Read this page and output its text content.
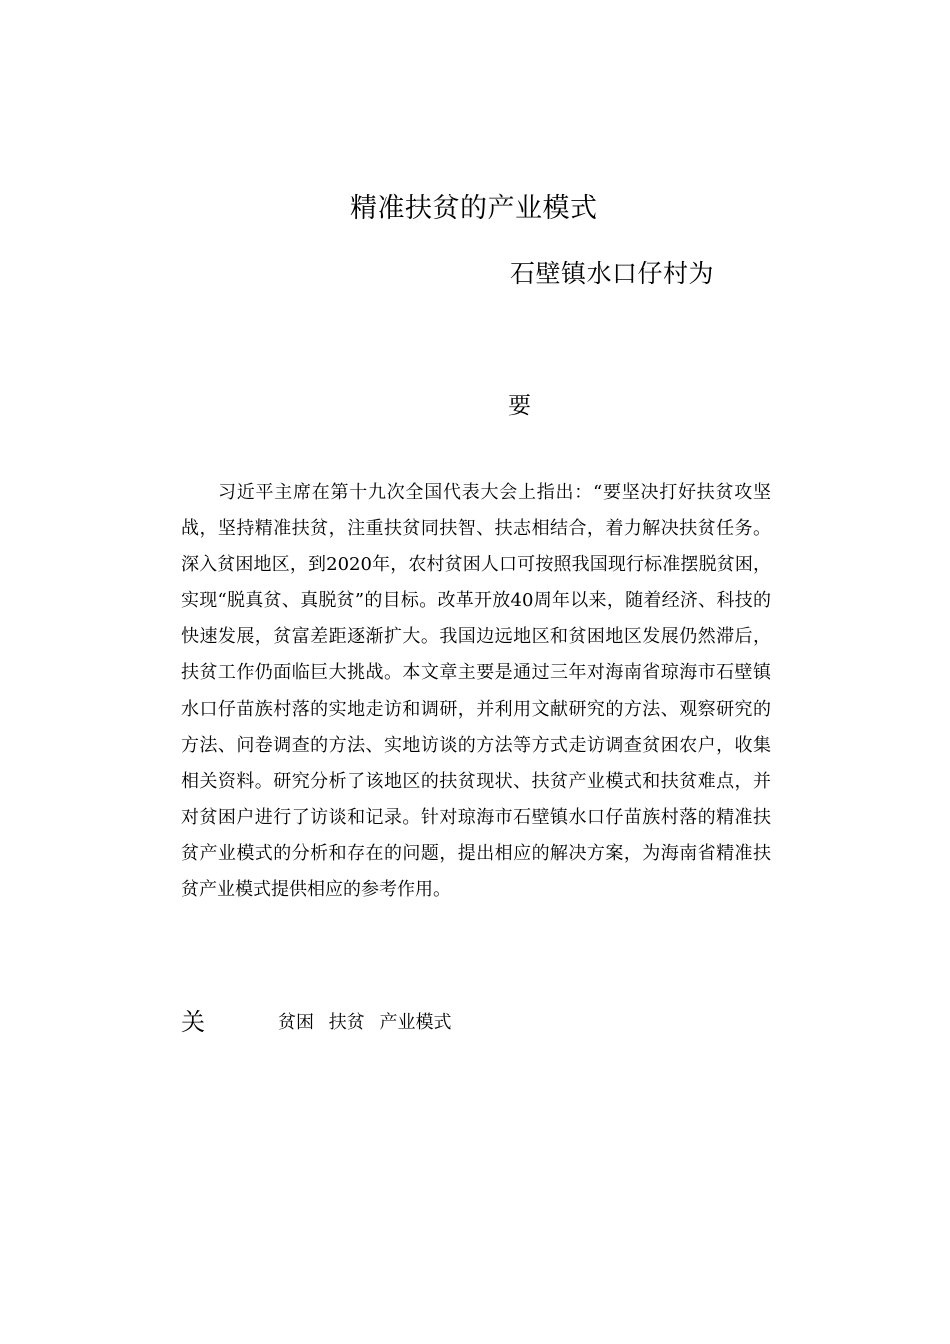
精准扶贫的产业模式
石壁镇水口仔村为
要

习近平主席在第十九次全国代表大会上指出：“要坚决打好扶贫攻坚战，坚持精准扶贫，注重扶贫同扶智、扶志相结合，着力解决扶贫任务。深入贫困地区，到2020年，农村贫困人口可按照我国现行标准摆脱贫困，实现“脱真贫、真脱贫”的目标。改革开放40周年以来，随着经济、科技的快速发展，贫富差距逐渐扩大。我国边远地区和贫困地区发展仍然滞后，扶贫工作仍面临巨大挑战。本文章主要是通过三年对海南省琼海市石壁镇水口仔苗族村落的实地走访和调研，并利用文献研究的方法、观察研究的方法、问卷调查的方法、实地访谈的方法等方式走访调查贫困农户，收集相关资料。研究分析了该地区的扶贫现状、扶贫产业模式和扶贫难点，并对贫困户进行了访谈和记录。针对琼海市石壁镇水口仔苗族村落的精准扶贫产业模式的分析和存在的问题，提出相应的解决方案，为海南省精准扶贫产业模式提供相应的参考作用。

关	贫困 扶贫 产业模式
